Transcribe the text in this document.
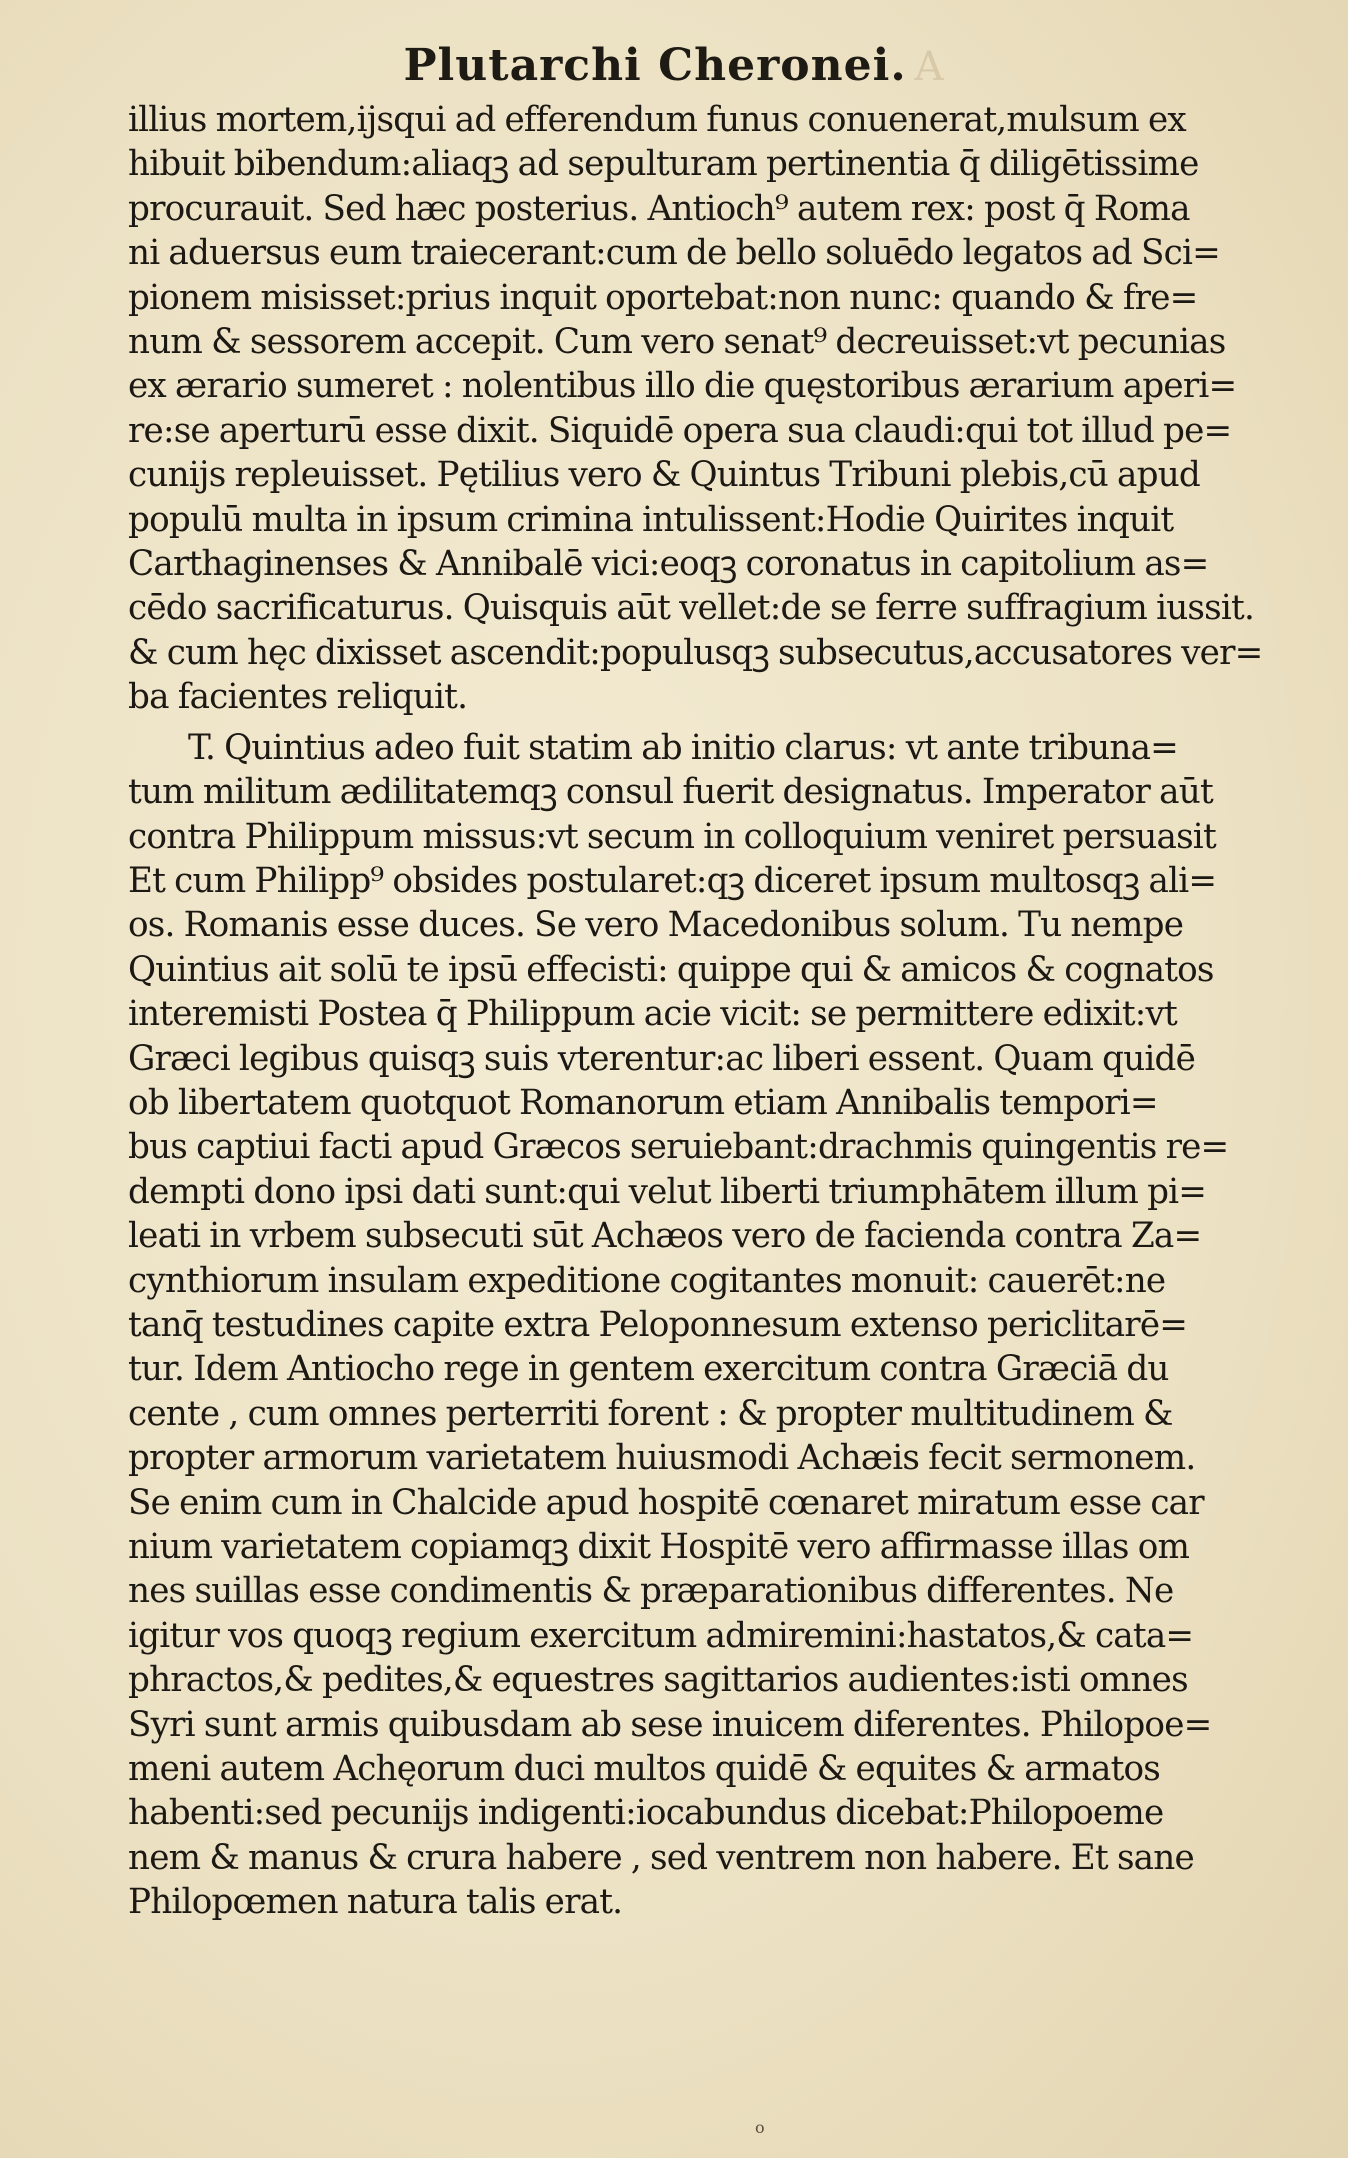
Plutarchi Cheronei. A
illius mortem,ijsqui ad efferendum funus conuenerat,mulsum ex
hibuit bibendum:aliaqꝫ ad sepulturam pertinentia q̄ diligētissime
procurauit. Sed hæc posterius. Antioch⁹ autem rex: post q̄ Roma
ni aduersus eum traiecerant:cum de bello soluēdo legatos ad Sci=
pionem misisset:prius inquit oportebat:non nunc: quando & fre=
num & sessorem accepit. Cum vero senat⁹ decreuisset:vt pecunias
ex ærario sumeret : nolentibus illo die quęstoribus ærarium aperi=
re:se aperturū esse dixit. Siquidē opera sua claudi:qui tot illud pe=
cunijs repleuisset. Pętilius vero & Quintus Tribuni plebis,cū apud
populū multa in ipsum crimina intulissent:Hodie Quirites inquit
Carthaginenses & Annibalē vici:eoqꝫ coronatus in capitolium as=
cēdo sacrificaturus. Quisquis aūt vellet:de se ferre suffragium iussit.
& cum hęc dixisset ascendit:populusqꝫ subsecutus,accusatores ver=
ba facientes reliquit.
T. Quintius adeo fuit statim ab initio clarus: vt ante tribuna=
tum militum ædilitatemqꝫ consul fuerit designatus. Imperator aūt
contra Philippum missus:vt secum in colloquium veniret persuasit
Et cum Philipp⁹ obsides postularet:qꝫ diceret ipsum multosqꝫ ali=
os. Romanis esse duces. Se vero Macedonibus solum. Tu nempe
Quintius ait solū te ipsū effecisti: quippe qui & amicos & cognatos
interemisti Postea q̄ Philippum acie vicit: se permittere edixit:vt
Græci legibus quisqꝫ suis vterentur:ac liberi essent. Quam quidē
ob libertatem quotquot Romanorum etiam Annibalis tempori=
bus captiui facti apud Græcos seruiebant:drachmis quingentis re=
dempti dono ipsi dati sunt:qui velut liberti triumphātem illum pi=
leati in vrbem subsecuti sūt Achæos vero de facienda contra Za=
cynthiorum insulam expeditione cogitantes monuit: cauerēt:ne
tanq̄ testudines capite extra Peloponnesum extenso periclitarē=
tur. Idem Antiocho rege in gentem exercitum contra Græciā du
cente , cum omnes perterriti forent : & propter multitudinem &
propter armorum varietatem huiusmodi Achæis fecit sermonem.
Se enim cum in Chalcide apud hospitē cœnaret miratum esse car
nium varietatem copiamqꝫ dixit Hospitē vero affirmasse illas om
nes suillas esse condimentis & præparationibus differentes. Ne
igitur vos quoqꝫ regium exercitum admiremini:hastatos,& cata=
phractos,& pedites,& equestres sagittarios audientes:isti omnes
Syri sunt armis quibusdam ab sese inuicem diferentes. Philopoe=
meni autem Achęorum duci multos quidē & equites & armatos
habenti:sed pecunijs indigenti:iocabundus dicebat:Philopoeme
nem & manus & crura habere , sed ventrem non habere. Et sane
Philopœmen natura talis erat.
o
